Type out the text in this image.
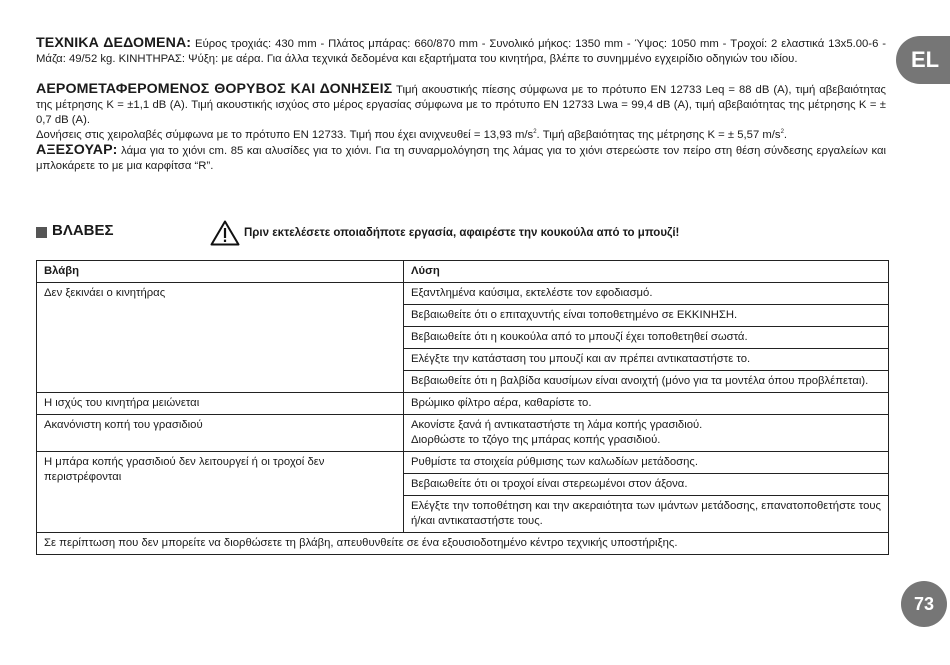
EL

ΤΕΧΝΙΚΑ ΔΕΔΟΜΕΝΑ: Εύρος τροχιάς: 430 mm - Πλάτος μπάρας: 660/870 mm - Συνολικό μήκος: 1350 mm - Ύψος: 1050 mm - Τροχοί: 2 ελαστικά 13x5.00-6 - Μάζα: 49/52 kg. ΚΙΝΗΤΗΡΑΣ: Ψύξη: με αέρα. Για άλλα τεχνικά δεδομένα και εξαρτήματα του κινητήρα, βλέπε το συνημμένο εγχειρίδιο οδηγιών του ιδίου.

ΑΕΡΟΜΕΤΑΦΕΡΟΜΕΝΟΣ ΘΟΡΥΒΟΣ ΚΑΙ ΔΟΝΗΣΕΙΣ Τιμή ακουστικής πίεσης σύμφωνα με το πρότυπο EN 12733 Leq = 88 dB (A), τιμή αβεβαιότητας της μέτρησης K = ±1,1 dB (A). Τιμή ακουστικής ισχύος στο μέρος εργασίας σύμφωνα με το πρότυπο EN 12733 Lwa = 99,4 dB (A), τιμή αβεβαιότητας της μέτρησης K = ± 0,7 dB (A).

Δονήσεις στις χειρολαβές σύμφωνα με το πρότυπο EN 12733. Τιμή που έχει ανιχνευθεί = 13,93 $m/s^2$. Τιμή αβεβαιότητας της μέτρησης K = ± 5,57 $m/s^2$.

ΑΞΕΣΟΥΑΡ: λάμα για το χιόνι cm. 85 και αλυσίδες για το χιόνι. Για τη συναρμολόγηση της λάμας για το χιόνι στερεώστε τον πείρο στη θέση σύνδεσης εργαλείων και μπλοκάρετε το με μια καρφίτσα “R”.

ΒΛΑΒΕΣ	Πριν εκτελέσετε οποιαδήποτε εργασία, αφαιρέστε την κουκούλα από το μπουζί!
Βλάβη	Λύση
Δεν ξεκινάει ο κινητήρας	Εξαντλημένα καύσιμα, εκτελέστε τον εφοδιασμό.
	Βεβαιωθείτε ότι ο επιταχυντής είναι τοποθετημένο σε ΕΚΚΙΝΗΣΗ.
	Βεβαιωθείτε ότι η κουκούλα από το μπουζί έχει τοποθετηθεί σωστά.
	Ελέγξτε την κατάσταση του μπουζί και αν πρέπει αντικαταστήστε το.
	Βεβαιωθείτε ότι η βαλβίδα καυσίμων είναι ανοιχτή (μόνο για τα μοντέλα όπου προβλέπεται).
Η ισχύς του κινητήρα μειώνεται	Βρώμικο φίλτρο αέρα, καθαρίστε το.
Ακανόνιστη κοπή του γρασιδιού	Ακονίστε ξανά ή αντικαταστήστε τη λάμα κοπής γρασιδιού.
Διορθώστε το τζόγο της μπάρας κοπής γρασιδιού.
Η μπάρα κοπής γρασιδιού δεν λειτουργεί ή οι τροχοί δεν περιστρέφονται	Ρυθμίστε τα στοιχεία ρύθμισης των καλωδίων μετάδοσης.
	Βεβαιωθείτε ότι οι τροχοί είναι στερεωμένοι στον άξονα.
	Ελέγξτε την τοποθέτηση και την ακεραιότητα των ιμάντων μετάδοσης, επανατοποθετήστε τους ή/και αντικαταστήστε τους.
Σε περίπτωση που δεν μπορείτε να διορθώσετε τη βλάβη, απευθυνθείτε σε ένα εξουσιοδοτημένο κέντρο τεχνικής υποστήριξης.	
73
